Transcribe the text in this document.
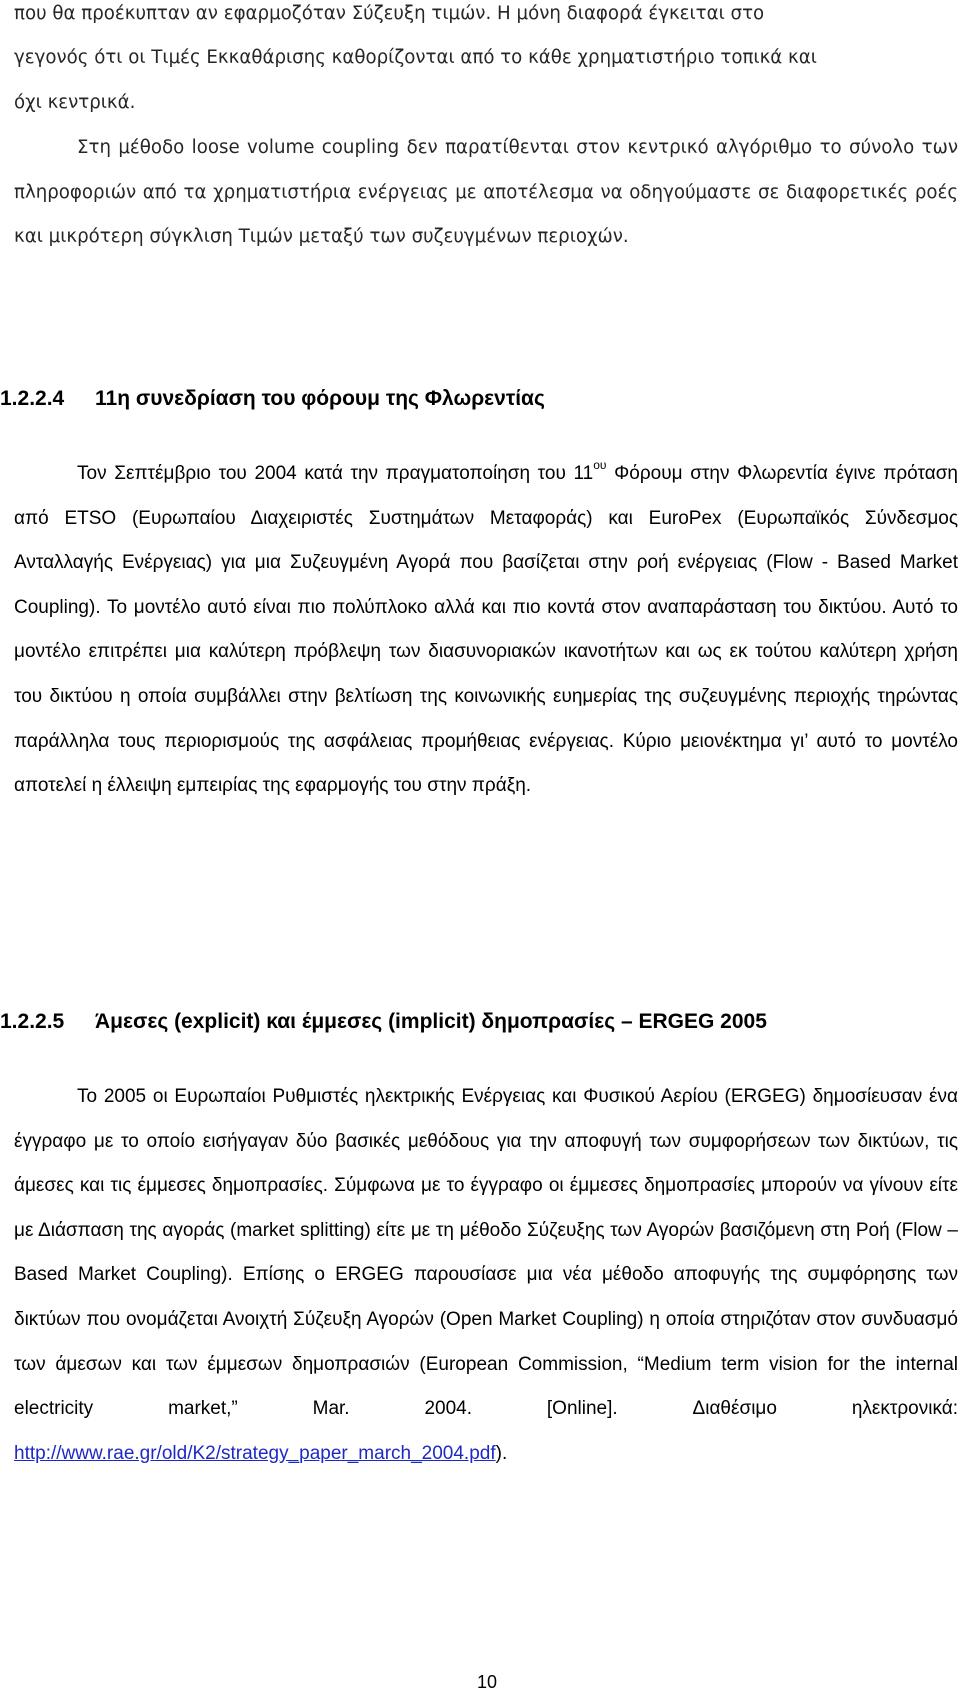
που θα προέκυπταν αν εφαρμοζόταν Σύζευξη τιμών. Η μόνη διαφορά έγκειται στο

γεγονός ότι οι Τιμές Εκκαθάρισης καθορίζονται από το κάθε χρηματιστήριο τοπικά και

όχι κεντρικά.

Στη μέθοδο loose volume coupling δεν παρατίθενται στον κεντρικό αλγόριθμο το σύνολο των πληροφοριών από τα χρηματιστήρια ενέργειας με αποτέλεσμα να οδηγούμαστε σε διαφορετικές ροές και μικρότερη σύγκλιση Τιμών μεταξύ των συζευγμένων περιοχών.

1.2.2.4 11η συνεδρίαση του φόρουμ της Φλωρεντίας

Τον Σεπτέμβριο του 2004 κατά την πραγματοποίηση του $11^{o\upsilon}$ Φόρουμ στην Φλωρεντία έγινε πρόταση από ETSO (Ευρωπαίου Διαχειριστές Συστημάτων Μεταφοράς) και EuroPex (Ευρωπαϊκός Σύνδεσμος Ανταλλαγής Ενέργειας) για μια Συζευγμένη Αγορά που βασίζεται στην ροή ενέργειας (Flow - Based Market Coupling). Το μοντέλο αυτό είναι πιο πολύπλοκο αλλά και πιο κοντά στον αναπαράσταση του δικτύου. Αυτό το μοντέλο επιτρέπει μια καλύτερη πρόβλεψη των διασυνοριακών ικανοτήτων και ως εκ τούτου καλύτερη χρήση του δικτύου η οποία συμβάλλει στην βελτίωση της κοινωνικής ευημερίας της συζευγμένης περιοχής τηρώντας παράλληλα τους περιορισμούς της ασφάλειας προμήθειας ενέργειας. Κύριο μειονέκτημα γι’ αυτό το μοντέλο αποτελεί η έλλειψη εμπειρίας της εφαρμογής του στην πράξη.

1.2.2.5 Άμεσες (explicit) και έμμεσες (implicit) δημοπρασίες – ERGEG 2005

Το 2005 οι Ευρωπαίοι Ρυθμιστές ηλεκτρικής Ενέργειας και Φυσικού Αερίου (ERGEG) δημοσίευσαν ένα έγγραφο με το οποίο εισήγαγαν δύο βασικές μεθόδους για την αποφυγή των συμφορήσεων των δικτύων, τις άμεσες και τις έμμεσες δημοπρασίες. Σύμφωνα με το έγγραφο οι έμμεσες δημοπρασίες μπορούν να γίνουν είτε με Διάσπαση της αγοράς (market splitting) είτε με τη μέθοδο Σύζευξης των Αγορών βασιζόμενη στη Ροή (Flow – Based Market Coupling). Επίσης ο ERGEG παρουσίασε μια νέα μέθοδο αποφυγής της συμφόρησης των δικτύων που ονομάζεται Ανοιχτή Σύζευξη Αγορών (Open Market Coupling) η οποία στηριζόταν στον συνδυασμό των άμεσων και των έμμεσων δημοπρασιών (European Commission, “Medium term vision for the internal electricity market,” Mar. 2004. [Online]. Διαθέσιμο ηλεκτρονικά: http://www.rae.gr/old/K2/strategy_paper_march_2004.pdf).

10
